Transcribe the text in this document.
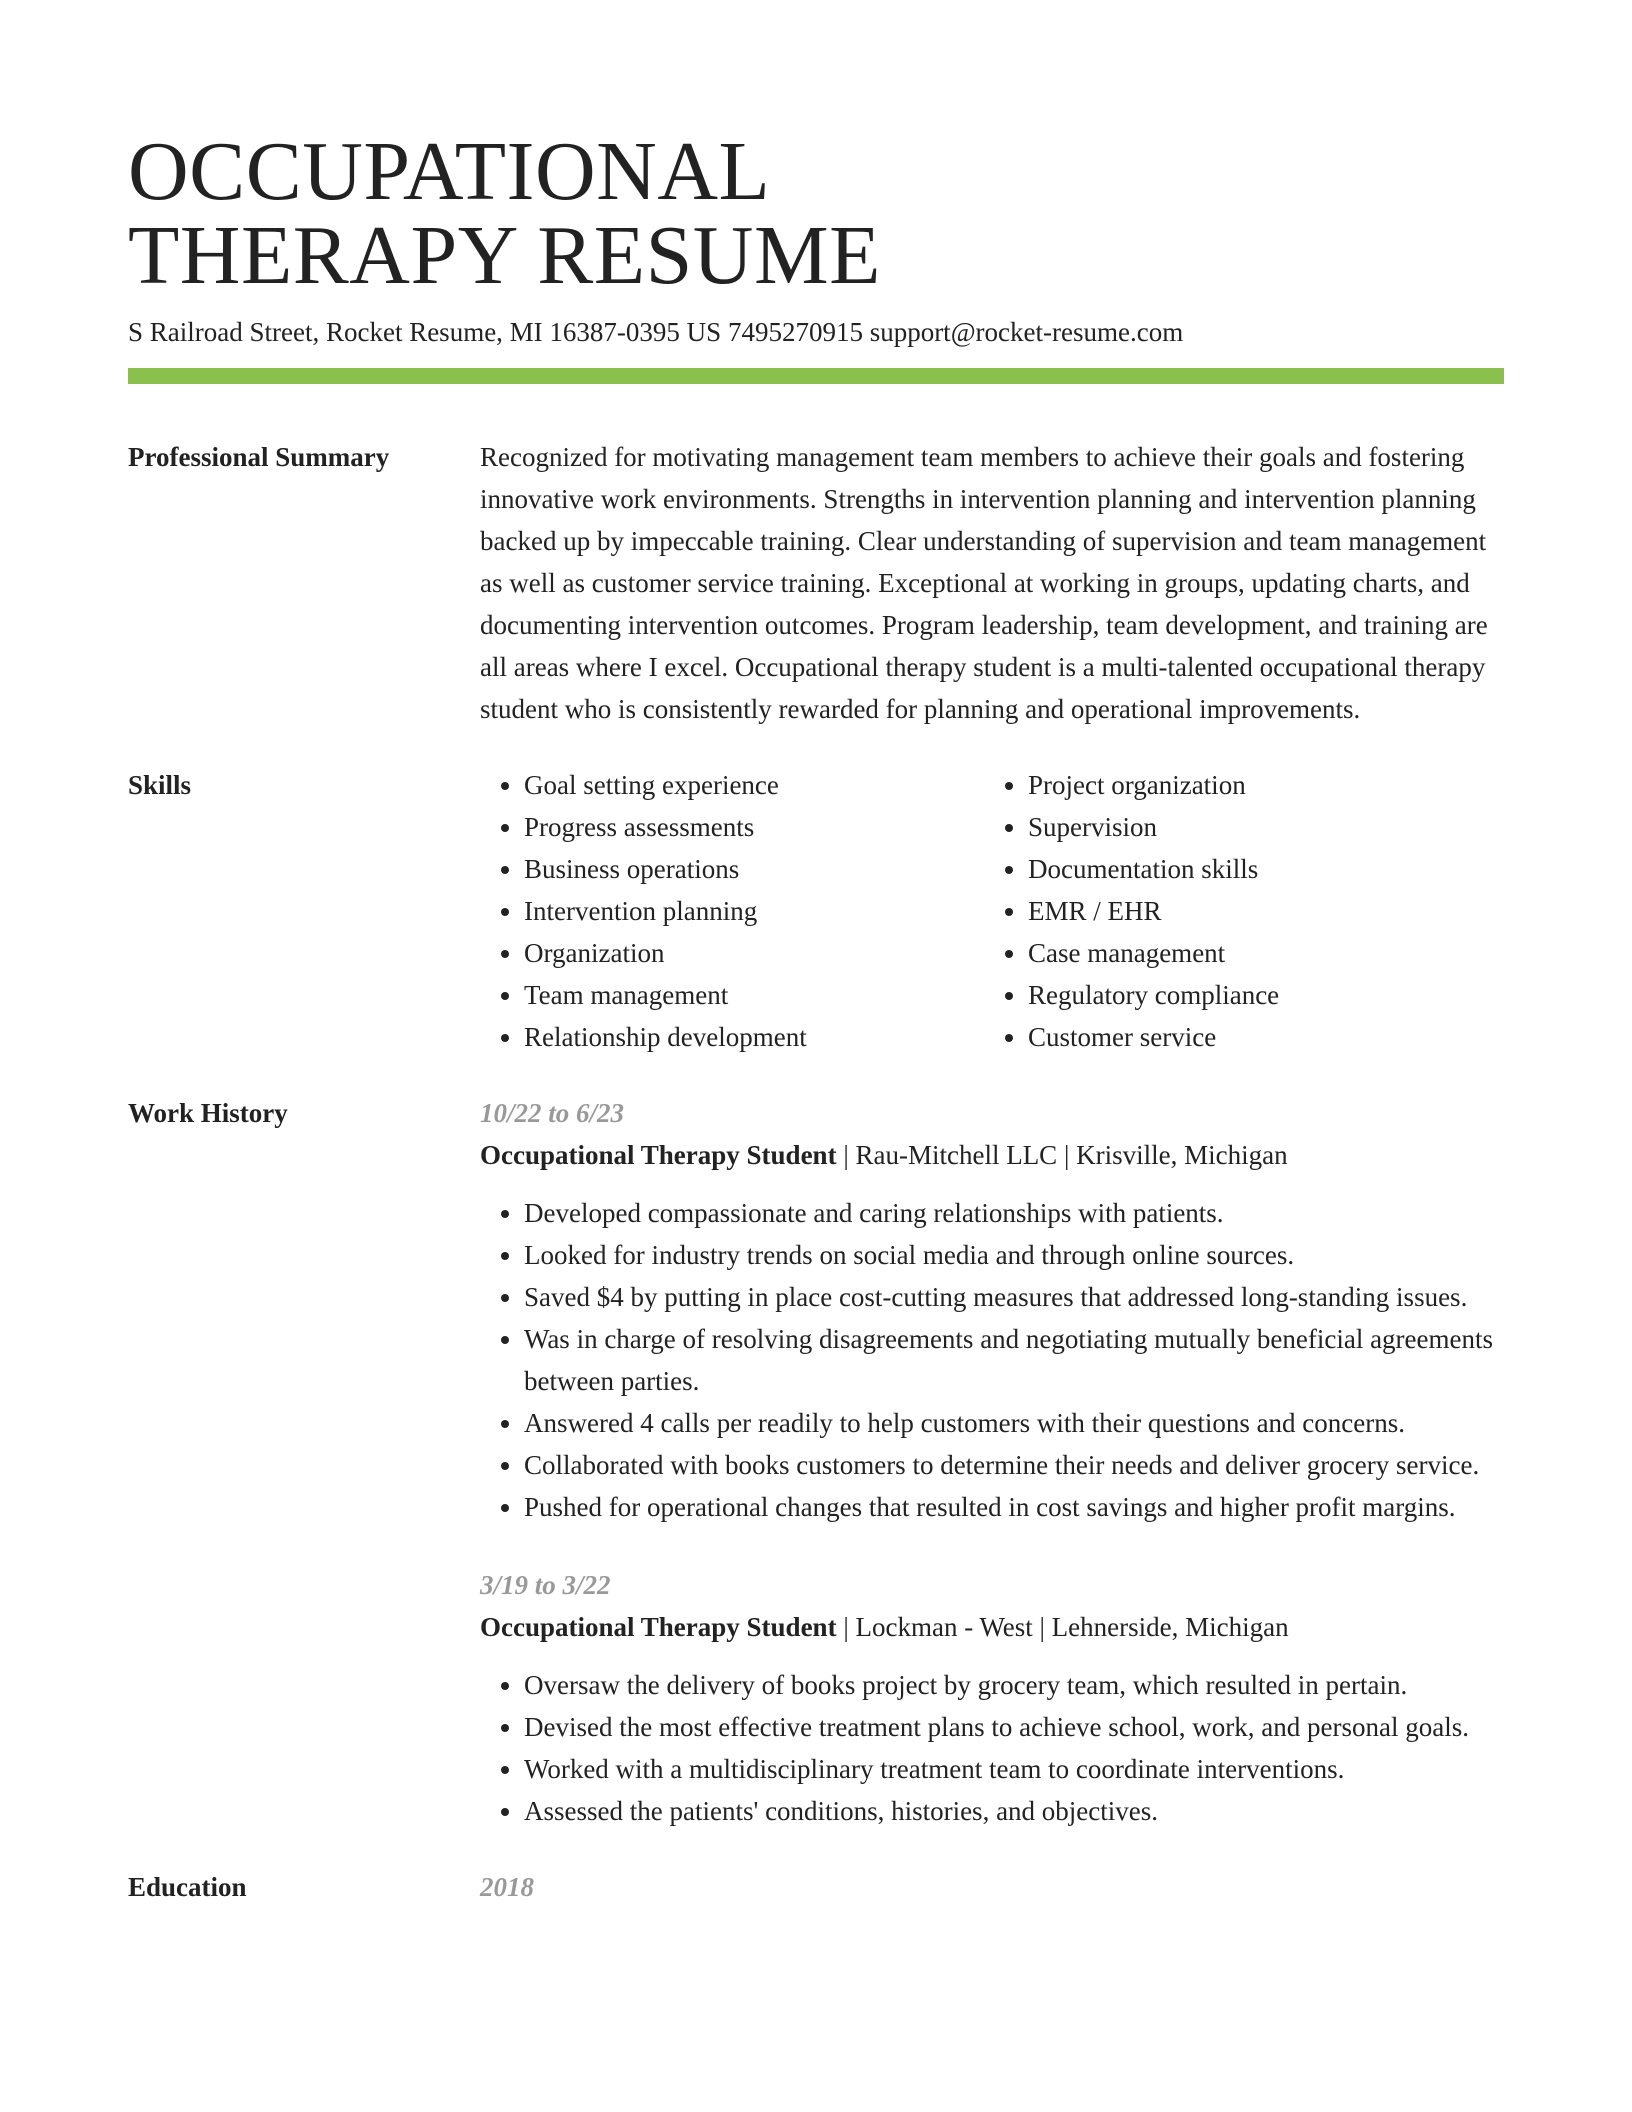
OCCUPATIONAL
THERAPY RESUME
S Railroad Street, Rocket Resume, MI 16387-0395 US 7495270915 support@rocket-resume.com
Professional Summary	Recognized for motivating management team members to achieve their goals and fostering innovative work environments. Strengths in intervention planning and intervention planning backed up by impeccable training. Clear understanding of supervision and team management as well as customer service training. Exceptional at working in groups, updating charts, and documenting intervention outcomes. Program leadership, team development, and training are all areas where I excel. Occupational therapy student is a multi-talented occupational therapy student who is consistently rewarded for planning and operational improvements.

Skills
•	Goal setting experience
• Progress assessments
• Business operations
• Intervention planning
• Organization
• Team management
• Relationship development
• Project organization
• Supervision
• Documentation skills
• EMR / EHR
• Case management
• Regulatory compliance
• Customer service
Work History	10/22 to 6/23
Occupational Therapy Student | Rau-Mitchell LLC | Krisville, Michigan
• Developed compassionate and caring relationships with patients.
• Looked for industry trends on social media and through online sources.
• Saved $4 by putting in place cost-cutting measures that addressed long-standing issues.
• Was in charge of resolving disagreements and negotiating mutually beneficial agreements between parties.
• Answered 4 calls per readily to help customers with their questions and concerns.
• Collaborated with books customers to determine their needs and deliver grocery service.
• Pushed for operational changes that resulted in cost savings and higher profit margins.
3/19 to 3/22
Occupational Therapy Student | Lockman - West | Lehnerside, Michigan
• Oversaw the delivery of books project by grocery team, which resulted in pertain.
• Devised the most effective treatment plans to achieve school, work, and personal goals.
• Worked with a multidisciplinary treatment team to coordinate interventions.
• Assessed the patients' conditions, histories, and objectives.
Education	2018
